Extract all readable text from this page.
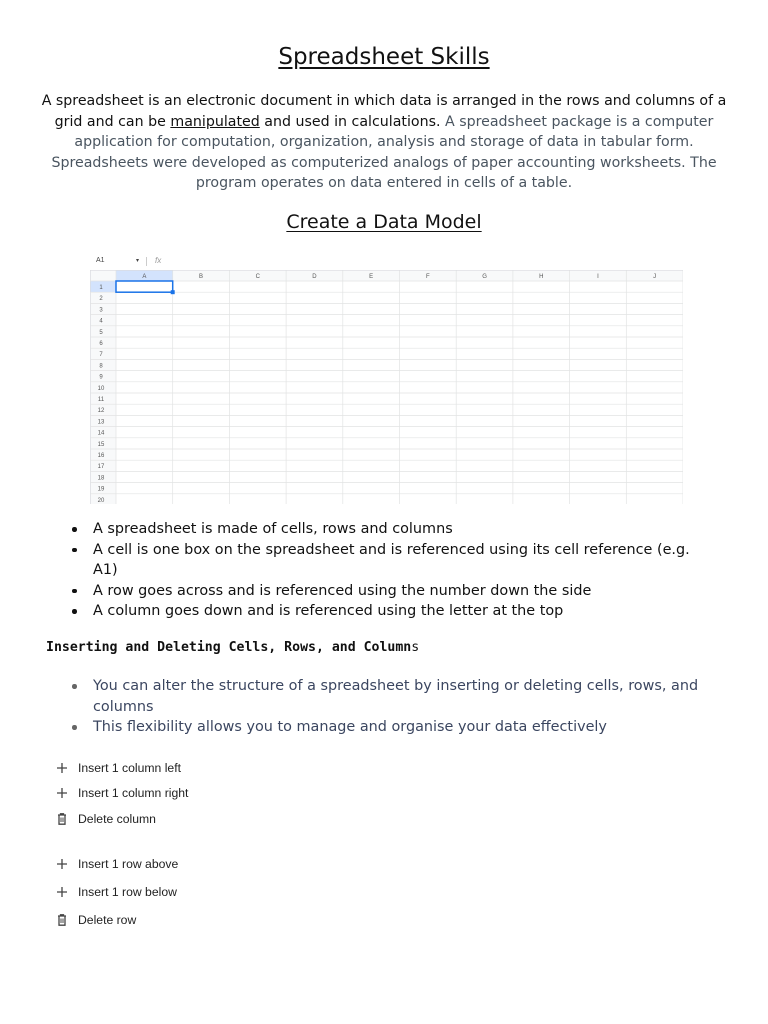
Spreadsheet Skills

A spreadsheet is an electronic document in which data is arranged in the rows and columns of a grid and can be manipulated and used in calculations. A spreadsheet package is a computer application for computation, organization, analysis and storage of data in tabular form. Spreadsheets were developed as computerized analogs of paper accounting worksheets. The program operates on data entered in cells of a table.

Create a Data Model
A1	▾ fx
A	B	C	D	E	F	G	H	I	J
1
2
3
4
5
6
7
8
9
10
11
12
13
14
15
16
17
18
19
20
A spreadsheet is made of cells, rows and columns
A cell is one box on the spreadsheet and is referenced using its cell reference (e.g. A1)
A row goes across and is referenced using the number down the side
A column goes down and is referenced using the letter at the top
Inserting and Deleting Cells, Rows, and Columns
You can alter the structure of a spreadsheet by inserting or deleting cells, rows, and columns
This flexibility allows you to manage and organise your data effectively
Insert 1 column left
Insert 1 column right
Delete column
Insert 1 row above
Insert 1 row below
Delete row
